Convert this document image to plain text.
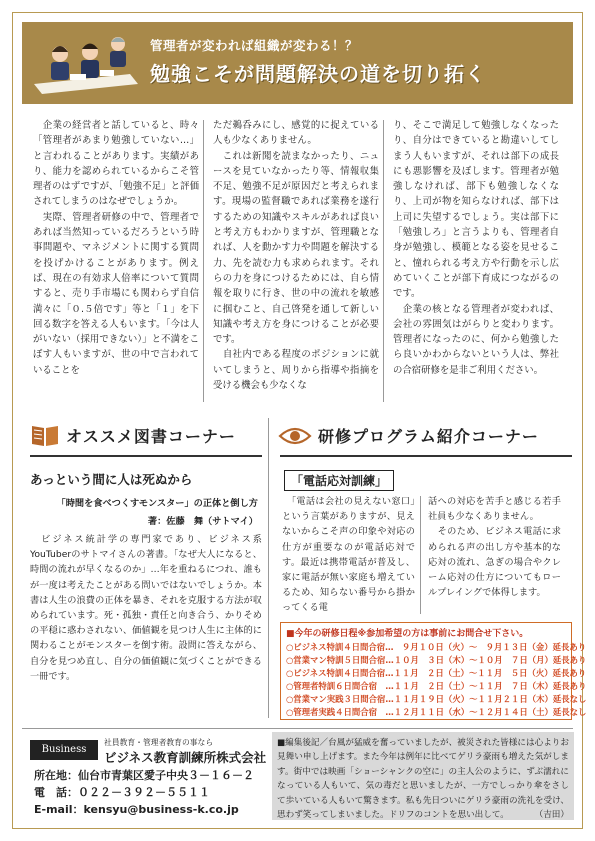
管理者が変われば組織が変わる！？
勉強こそが問題解決の道を切り拓く

　企業の経営者と話していると、時々「管理者があまり勉強していない…」と言われることがあります。実績があり、能力を認められているからこそ管理者のはずですが、「勉強不足」と評価されてしまうのはなぜでしょうか。
　実際、管理者研修の中で、管理者であれば当然知っているだろうという時事問題や、マネジメントに関する質問を投げかけることがあります。例えば、現在の有効求人倍率について質問すると、売り手市場にも関わらず自信満々に「０.５倍です」等と「１」を下回る数字を答える人もいます。「今は人がいない（採用できない）」と不満をこぼす人もいますが、世の中で言われていることを

ただ鵜呑みにし、感覚的に捉えている人も少なくありません。
　これは新聞を読まなかったり、ニュースを見ていなかったり等、情報収集不足、勉強不足が原因だと考えられます。現場の監督職であれば業務を遂行するための知識やスキルがあれば良いと考え方もわかりますが、管理職となれば、人を動かす力や問題を解決する力、先を読む力も求められます。それらの力を身につけるためには、自ら情報を取りに行き、世の中の流れを敏感に掴むこと、自己啓発を通して新しい知識や考え方を身につけることが必要です。
　自社内である程度のポジションに就いてしまうと、周りから指導や指摘を受ける機会も少なくな

り、そこで満足して勉強しなくなったり、自分はできていると勘違いしてしまう人もいますが、それは部下の成長にも悪影響を及ぼします。管理者が勉強しなければ、部下も勉強しなくなり、上司が物を知らなければ、部下は上司に失望するでしょう。実は部下に「勉強しろ」と言うよりも、管理者自身が勉強し、模範となる姿を見せること、憧れられる考え方や行動を示し広めていくことが部下育成につながるのです。
　企業の核となる管理者が変われば、会社の雰囲気はがらりと変わります。管理者になったのに、何から勉強したら良いかわからないという人は、弊社の合宿研修を是非ご利用ください。

オススメ図書コーナー
あっという間に人は死ぬから
「時間を食べつくすモンスター」の正体と倒し方
著：佐藤　舞（サトマイ）
　ビジネス統計学の専門家であり、ビジネス系YouTuberのサトマイさんの著書。「なぜ大人になると、時間の流れが早くなるのか」…年を重ねるにつれ、誰もが一度は考えたことがある問いではないでしょうか。本書は人生の浪費の正体を暴き、それを克服する方法が収められています。死・孤独・責任と向き合う、かりそめの平穏に惑わされない、価値観を見つけ人生に主体的に関わることがモンスターを倒す術。設問に答えながら、自分を見つめ直し、自分の価値観に気づくことができる一冊です。
研修プログラム紹介コーナー
「電話応対訓練」
　「電話は会社の見えない窓口」という言葉がありますが、見えないからこそ声の印象や対応の仕方が重要なのが電話応対です。最近は携帯電話が普及し、家に電話が無い家庭も増えているため、知らない番号から掛かってくる電
話への対応を苦手と感じる若手社員も少なくありません。
　そのため、ビジネス電話に求められる声の出し方や基本的な応対の流れ、急ぎの場合やクレーム応対の仕方についてもロールプレイングで体得します。
■今年の研修日程※参加希望の方は事前にお問合せ下さい。
○ビジネス特訓４日間合宿…　９月１０日（火）～　９月１３日（金）延長あり
○営業マン特訓５日間合宿…１０月　３日（木）～１０月　７日（月）延長あり
○ビジネス特訓４日間合宿…１１月　２日（土）～１１月　５日（火）延長あり
○管理者特訓６日間合宿　…１１月　２日（土）～１１月　７日（木）延長あり
○営業マン実践３日間合宿…１１月１９日（火）～１１月２１日（木）延長なし
○管理者実践４日間合宿　…１２月１１日（水）～１２月１４日（土）延長なし
Business
社員教育・管理者教育の事なら
ビジネス教育訓練所株式会社
所在地：仙台市青葉区愛子中央３－１６－２
電　話：０２２－３９２－５５１１
E-mail：kensyu@business-k.co.jp
■編集後記／台風が猛威を奮っていましたが、被災された皆様には心よりお見舞い申し上げます。また今年は例年に比べてゲリラ豪雨も増えた気がします。街中では映画「ショーシャンクの空に」の主人公のように、ずぶ濡れになっている人もいて、気の毒だと思いましたが、一方でしっかり傘をさして歩いている人もいて驚きます。私も先日ついにゲリラ豪雨の洗礼を受け、思わず笑ってしまいました。ドリフのコントを思い出して。	（吉田）
